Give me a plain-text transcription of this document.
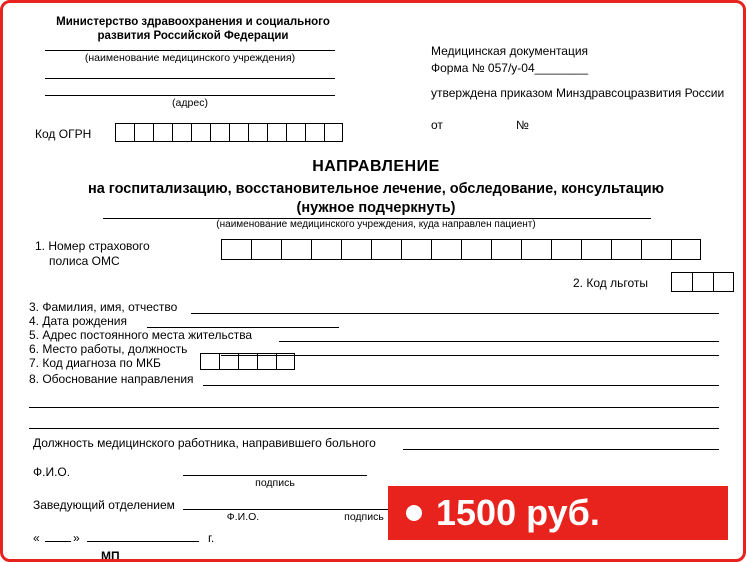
Министерство здравоохранения и социального
развития Российской Федерации
(наименование медицинского учреждения)
(адрес)
Код ОГРН
Медицинская документация
Форма № 057/у-04________
утверждена приказом Минздравсоцразвития России
от	№
НАПРАВЛЕНИЕ
на госпитализацию, восстановительное лечение, обследование, консультацию
(нужное подчеркнуть)
(наименование медицинского учреждения, куда направлен пациент)
1. Номер страхового
полиса ОМС
2. Код льготы
3. Фамилия, имя, отчество
4. Дата рождения
5. Адрес постоянного места жительства
6. Место работы, должность
7. Код диагноза по МКБ
8. Обоснование направления
Должность медицинского работника, направившего больного
Ф.И.О.
подпись
Заведующий отделением
Ф.И.О.	подпись
«	»	г.
МП
1500 руб.
